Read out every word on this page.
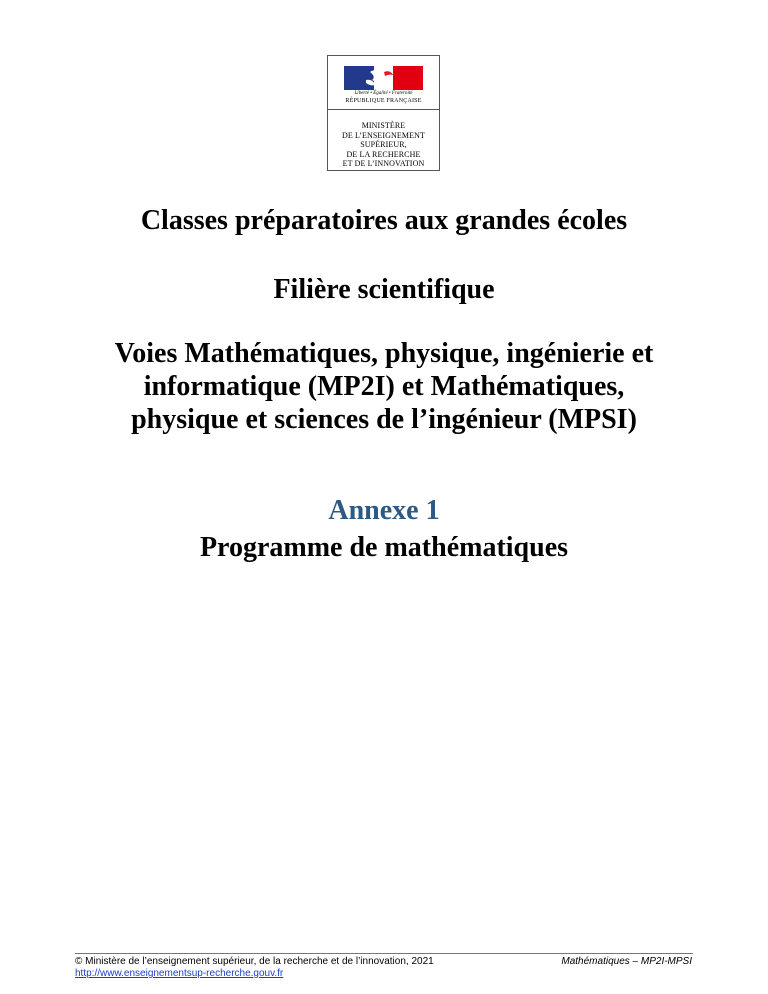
Liberté • Égalité • Fraternité
RÉPUBLIQUE FRANÇAISE
MINISTÈRE
DE L’ENSEIGNEMENT
SUPÉRIEUR,
DE LA RECHERCHE
ET DE L’INNOVATION
Classes préparatoires aux grandes écoles
Filière scientifique
Voies Mathématiques, physique, ingénierie et
informatique (MP2I) et Mathématiques,
physique et sciences de l’ingénieur (MPSI)
Annexe 1
Programme de mathématiques
© Ministère de l’enseignement supérieur, de la recherche et de l’innovation, 2021
http://www.enseignementsup-recherche.gouv.fr
Mathématiques – MP2I-MPSI
